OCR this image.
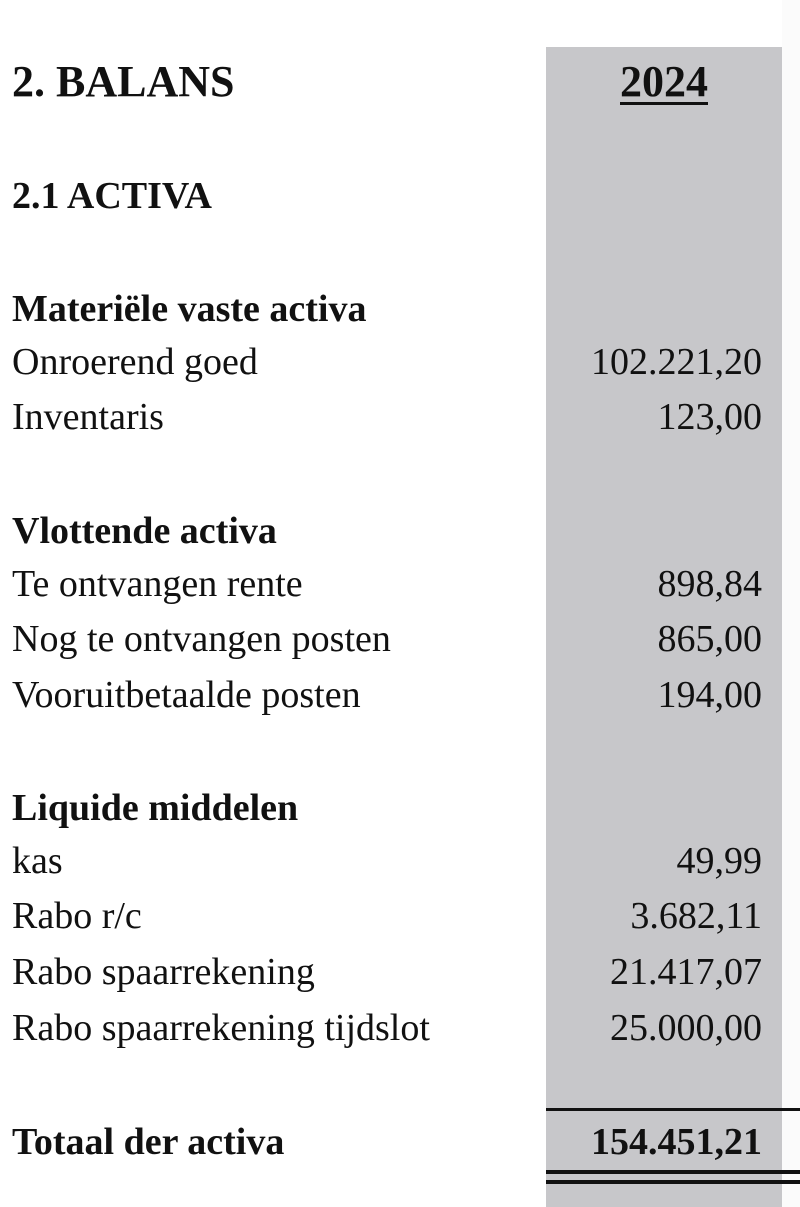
2. BALANS	2024
2.1 ACTIVA
Materiële vaste activa
Onroerend goed	102.221,20
Inventaris	123,00
Vlottende activa
Te ontvangen rente	898,84
Nog te ontvangen posten	865,00
Vooruitbetaalde posten	194,00
Liquide middelen
kas	49,99
Rabo r/c	3.682,11
Rabo spaarrekening	21.417,07
Rabo spaarrekening tijdslot	25.000,00
Totaal der activa	154.451,21
